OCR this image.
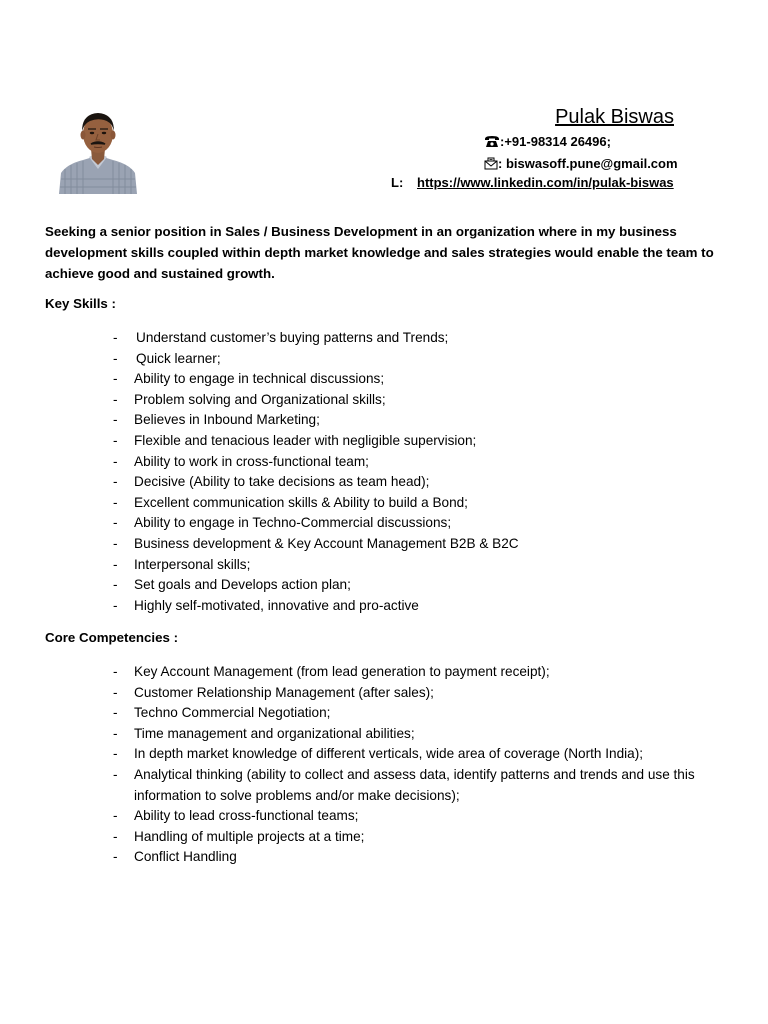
Pulak Biswas
:+91-98314 26496;
: biswasoff.pune@gmail.com
L: https://www.linkedin.com/in/pulak-biswas

Seeking a senior position in Sales / Business Development in an organization where in my business development skills coupled within depth market knowledge and sales strategies would enable the team to achieve good and sustained growth.

Key Skills :
- Understand customer’s buying patterns and Trends;
- Quick learner;
- Ability to engage in technical discussions;
- Problem solving and Organizational skills;
- Believes in Inbound Marketing;
- Flexible and tenacious leader with negligible supervision;
- Ability to work in cross-functional team;
- Decisive (Ability to take decisions as team head);
- Excellent communication skills & Ability to build a Bond;
- Ability to engage in Techno-Commercial discussions;
- Business development & Key Account Management B2B & B2C
- Interpersonal skills;
- Set goals and Develops action plan;
- Highly self-motivated, innovative and pro-active
Core Competencies :
- Key Account Management (from lead generation to payment receipt);
- Customer Relationship Management (after sales);
- Techno Commercial Negotiation;
- Time management and organizational abilities;
- In depth market knowledge of different verticals, wide area of coverage (North India);
- Analytical thinking (ability to collect and assess data, identify patterns and trends and use this information to solve problems and/or make decisions);
- Ability to lead cross-functional teams;
- Handling of multiple projects at a time;
- Conflict Handling
